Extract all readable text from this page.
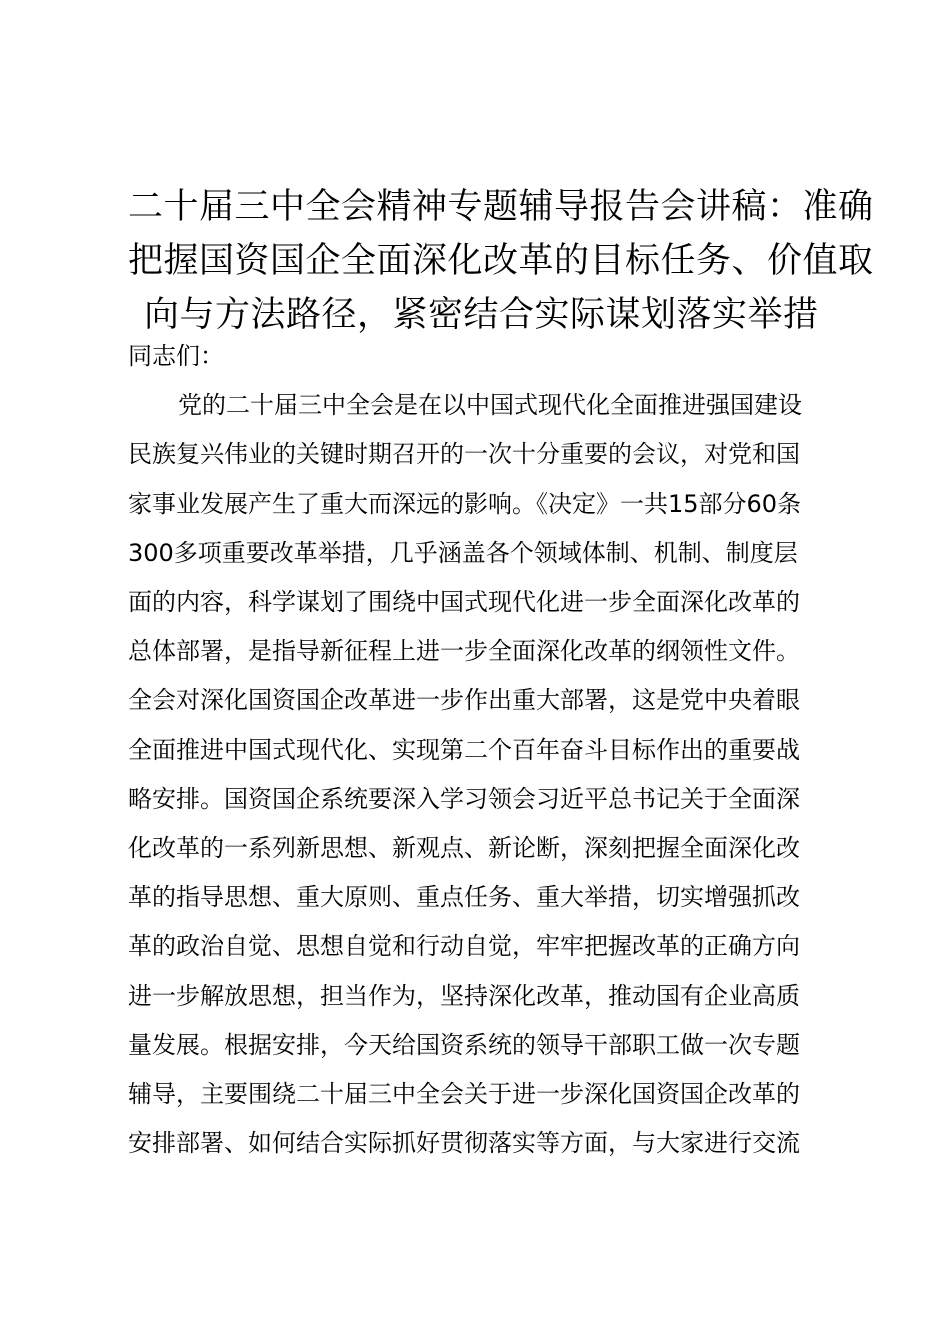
二十届三中全会精神专题辅导报告会讲稿：准确
把握国资国企全面深化改革的目标任务、价值取
向与方法路径，紧密结合实际谋划落实举措
同志们：
党的二十届三中全会是在以中国式现代化全面推进强国建设
民族复兴伟业的关键时期召开的一次十分重要的会议，对党和国
家事业发展产生了重大而深远的影响。《决定》一共15部分60条
300多项重要改革举措，几乎涵盖各个领域体制、机制、制度层
面的内容，科学谋划了围绕中国式现代化进一步全面深化改革的
总体部署，是指导新征程上进一步全面深化改革的纲领性文件。
全会对深化国资国企改革进一步作出重大部署，这是党中央着眼
全面推进中国式现代化、实现第二个百年奋斗目标作出的重要战
略安排。国资国企系统要深入学习领会习近平总书记关于全面深
化改革的一系列新思想、新观点、新论断，深刻把握全面深化改
革的指导思想、重大原则、重点任务、重大举措，切实增强抓改
革的政治自觉、思想自觉和行动自觉，牢牢把握改革的正确方向
进一步解放思想，担当作为，坚持深化改革，推动国有企业高质
量发展。根据安排，今天给国资系统的领导干部职工做一次专题
辅导，主要围绕二十届三中全会关于进一步深化国资国企改革的
安排部署、如何结合实际抓好贯彻落实等方面，与大家进行交流
